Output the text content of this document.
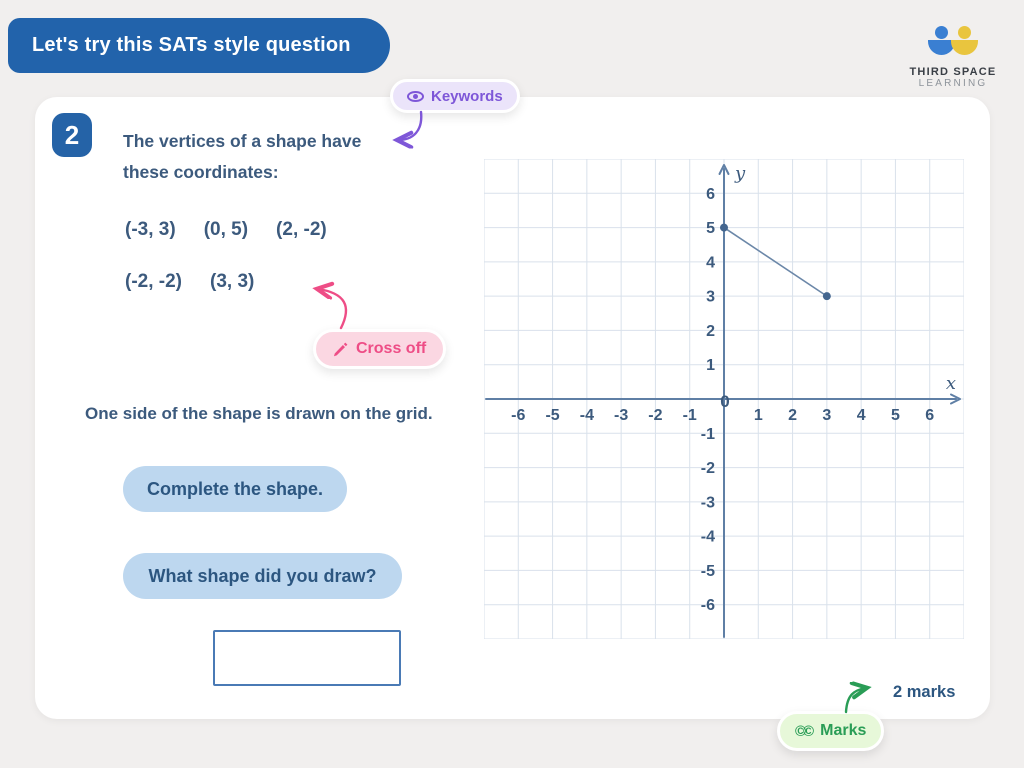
Let's try this SATs style question
THIRD SPACE
LEARNING
Keywords
2	The vertices of a shape have
these coordinates:
(-3, 3) (0, 5) (2, -2)
(-2, -2) (3, 3)
Cross off
One side of the shape is drawn on the grid.
Complete the shape.
What shape did you draw?
-6 -5 -4 -3 -2 -1	1 2 3 4 5 6
6
5
4
3
2
1
-1
-2
-3
-4
-5
-6
0
x
y
2 marks
©© Marks
